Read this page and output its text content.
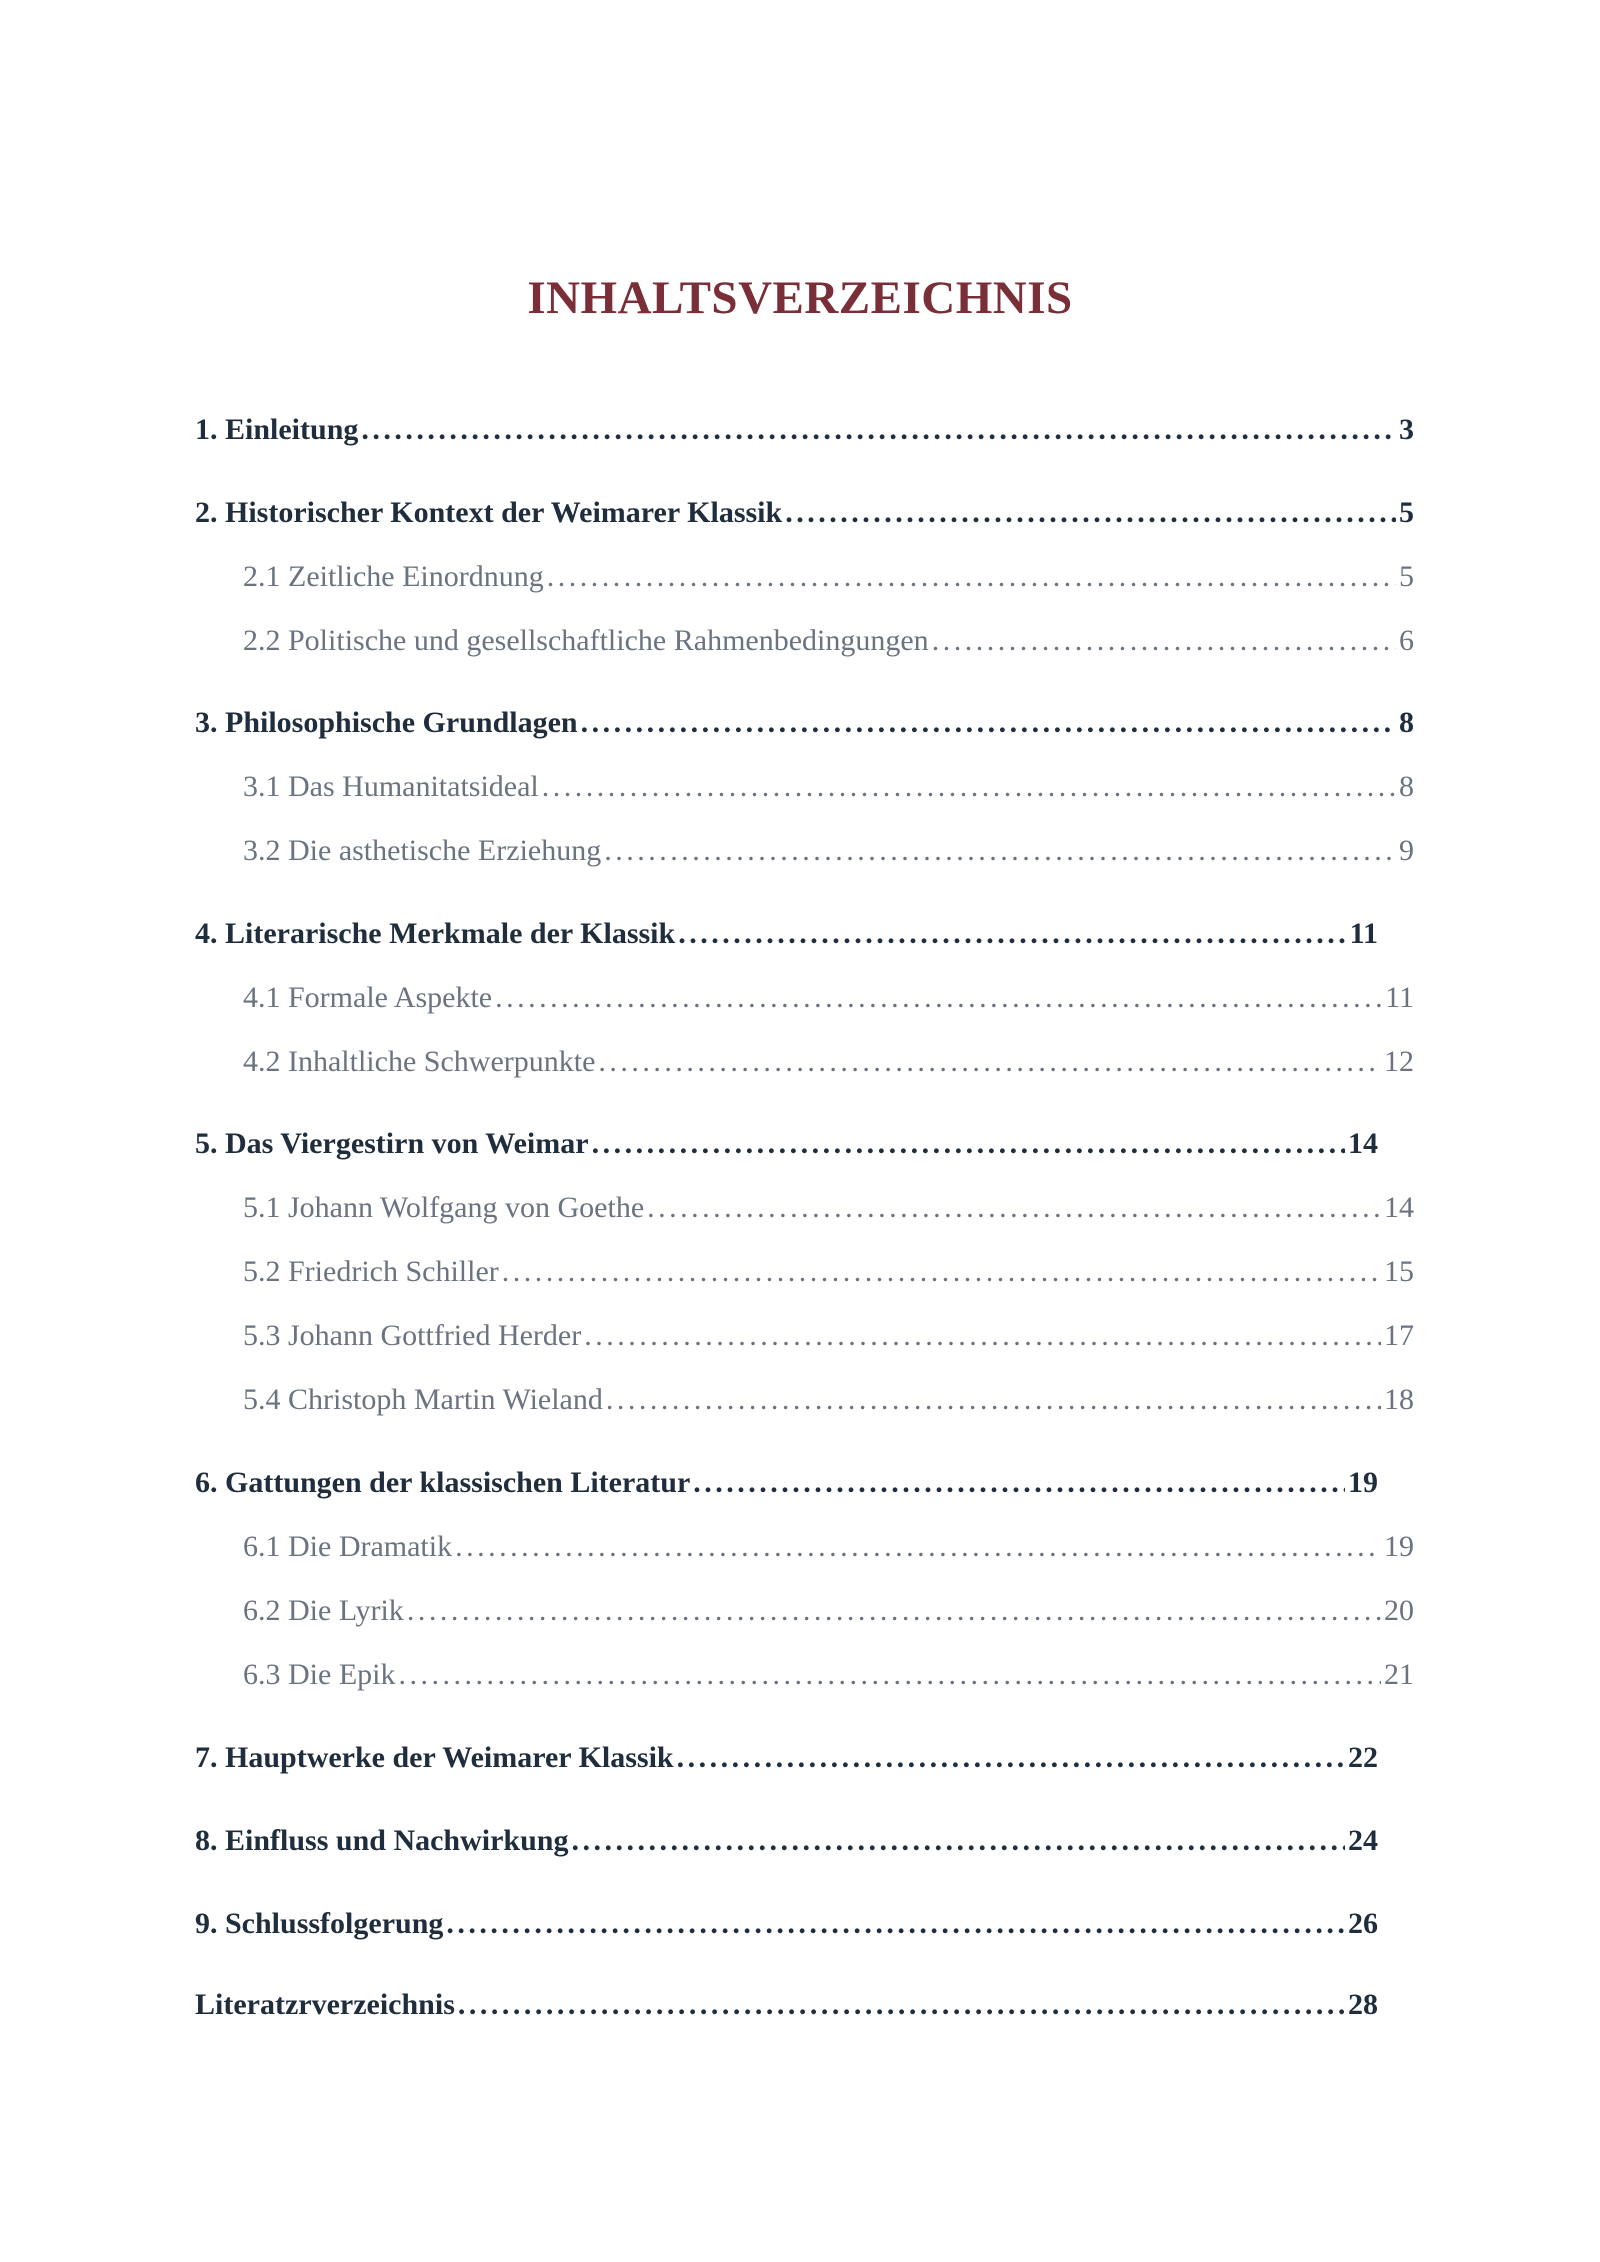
INHALTSVERZEICHNIS
1. Einleitung . . .	3
2. Historischer Kontext der Weimarer Klassik . . .	5
2.1 Zeitliche Einordnung . . .	5
2.2 Politische und gesellschaftliche Rahmenbedingungen . . .	6
3. Philosophische Grundlagen . . .	8
3.1 Das Humanitatsideal . . .	8
3.2 Die asthetische Erziehung . . .	9
4. Literarische Merkmale der Klassik . . .	11
4.1 Formale Aspekte . . .	11
4.2 Inhaltliche Schwerpunkte . . .	12
5. Das Viergestirn von Weimar . . .	14
5.1 Johann Wolfgang von Goethe . . .	14
5.2 Friedrich Schiller . . .	15
5.3 Johann Gottfried Herder . . .	17
5.4 Christoph Martin Wieland . . .	18
6. Gattungen der klassischen Literatur . . .	19
6.1 Die Dramatik . . .	19
6.2 Die Lyrik . . .	20
6.3 Die Epik . . .	21
7. Hauptwerke der Weimarer Klassik . . .	22
8. Einfluss und Nachwirkung . . .	24
9. Schlussfolgerung . . .	26
Literatzrverzeichnis . . .	28
